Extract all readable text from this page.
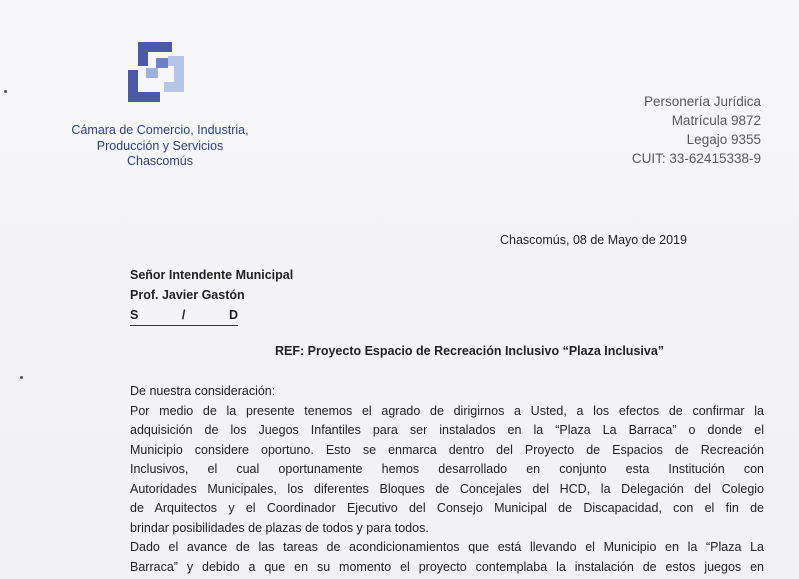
Cámara de Comercio, Industria,
Producción y Servicios
Chascomús
Personería Jurídica
Matrícula 9872
Legajo 9355
CUIT: 33-62415338-9
Chascomús, 08 de Mayo de 2019
Señor Intendente Municipal
Prof. Javier Gastón
S	/	D
REF: Proyecto Espacio de Recreación Inclusivo “Plaza Inclusiva”
De nuestra consideración:
Por medio de la presente tenemos el agrado de dirigirnos a Usted, a los efectos de confirmar la
adquisición de los Juegos Infantiles para ser instalados en la “Plaza La Barraca” o donde el
Municipio considere oportuno. Esto se enmarca dentro del Proyecto de Espacios de Recreación
Inclusivos, el cual oportunamente hemos desarrollado en conjunto esta Institución con
Autoridades Municipales, los diferentes Bloques de Concejales del HCD, la Delegación del Colegio
de Arquitectos y el Coordinador Ejecutivo del Consejo Municipal de Discapacidad, con el fin de
brindar posibilidades de plazas de todos y para todos.
Dado el avance de las tareas de acondicionamientos que está llevando el Municipio en la “Plaza La
Barraca” y debido a que en su momento el proyecto contemplaba la instalación de estos juegos en
